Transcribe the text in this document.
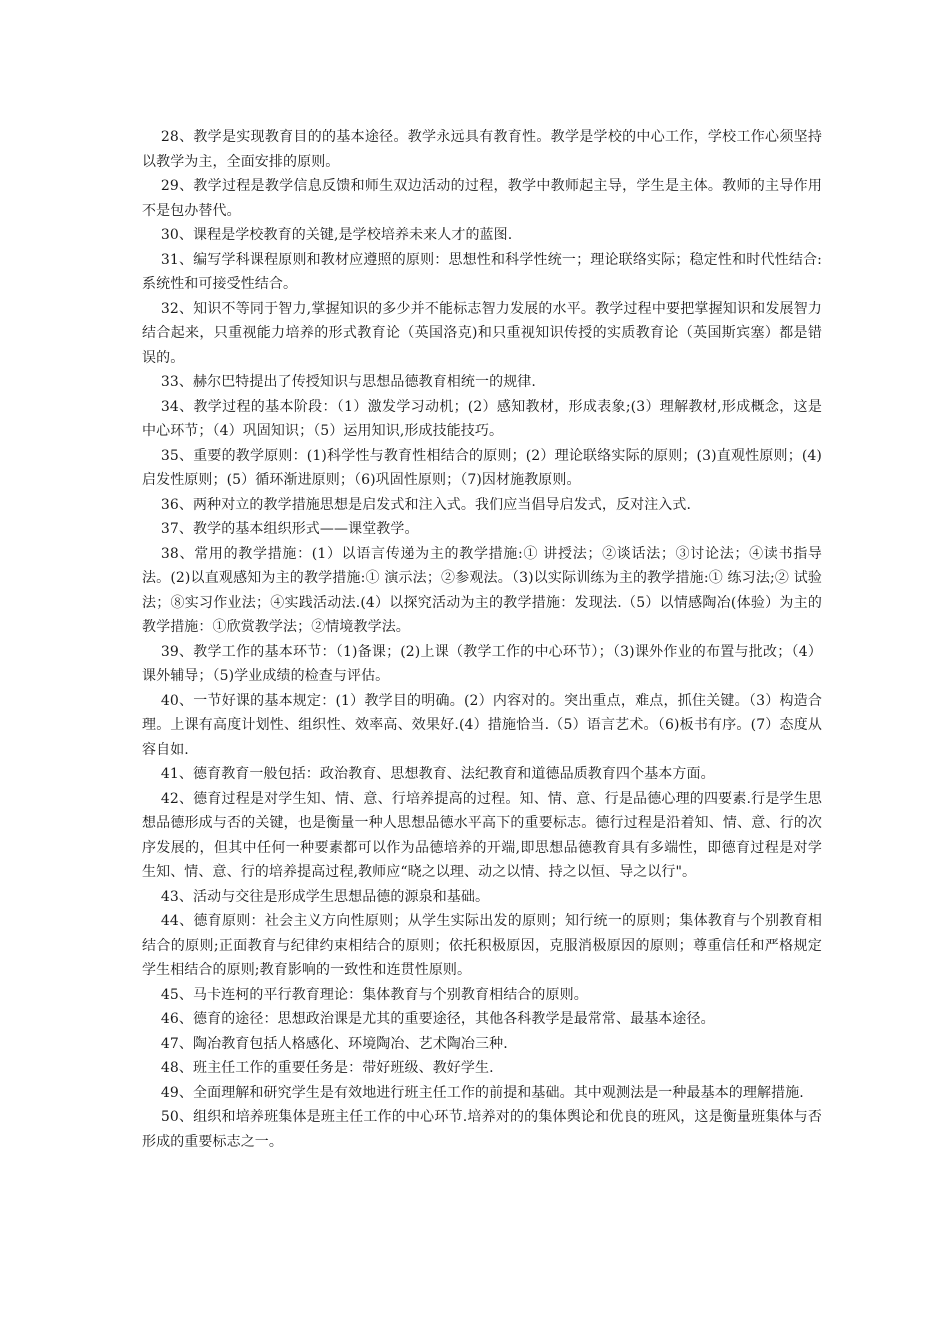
28、教学是实现教育目的的基本途径。教学永远具有教育性。教学是学校的中心工作，学校工作心须坚持以教学为主，全面安排的原则。

29、教学过程是教学信息反馈和师生双边活动的过程，教学中教师起主导，学生是主体。教师的主导作用不是包办替代。

30、课程是学校教育的关键,是学校培养未来人才的蓝图.

31、编写学科课程原则和教材应遵照的原则：思想性和科学性统一；理论联络实际；稳定性和时代性结合:系统性和可接受性结合。

32、知识不等同于智力,掌握知识的多少并不能标志智力发展的水平。教学过程中要把掌握知识和发展智力结合起来，只重视能力培养的形式教育论（英国洛克)和只重视知识传授的实质教育论（英国斯宾塞）都是错误的。

33、赫尔巴特提出了传授知识与思想品德教育相统一的规律.

34、教学过程的基本阶段：（1）激发学习动机；(2）感知教材，形成表象;(3）理解教材,形成概念，这是中心环节；（4）巩固知识；（5）运用知识,形成技能技巧。

35、重要的教学原则：(1)科学性与教育性相结合的原则；(2）理论联络实际的原则；(3)直观性原则；(4)启发性原则；(5）循环渐进原则；（6)巩固性原则；（7)因材施教原则。

36、两种对立的教学措施思想是启发式和注入式。我们应当倡导启发式，反对注入式.

37、教学的基本组织形式——课堂教学。

38、常用的教学措施：(1）以语言传递为主的教学措施:① 讲授法；②谈话法；③讨论法；④读书指导法。(2)以直观感知为主的教学措施:① 演示法；②参观法。（3)以实际训练为主的教学措施:① 练习法;② 试验法；⑧实习作业法；④实践活动法.(4）以探究活动为主的教学措施：发现法.（5）以情感陶冶(体验）为主的教学措施：①欣赏教学法；②情境教学法。

39、教学工作的基本环节：（1)备课；(2)上课（教学工作的中心环节）；（3)课外作业的布置与批改；（4）课外辅导；（5)学业成绩的检查与评估。

40、一节好课的基本规定：(1）教学目的明确。(2）内容对的。突出重点，难点，抓住关键。（3）构造合理。上课有高度计划性、组织性、效率高、效果好.(4）措施恰当.（5）语言艺术。（6)板书有序。(7）态度从容自如.

41、德育教育一般包括：政治教育、思想教育、法纪教育和道德品质教育四个基本方面。

42、德育过程是对学生知、情、意、行培养提高的过程。知、情、意、行是品德心理的四要素.行是学生思想品德形成与否的关键，也是衡量一种人思想品德水平高下的重要标志。德行过程是沿着知、情、意、行的次序发展的，但其中任何一种要素都可以作为品德培养的开端,即思想品德教育具有多端性，即德育过程是对学生知、情、意、行的培养提高过程,教师应“晓之以理、动之以情、持之以恒、导之以行"。

43、活动与交往是形成学生思想品德的源泉和基础。

44、德育原则：社会主义方向性原则；从学生实际出发的原则；知行统一的原则；集体教育与个别教育相结合的原则;正面教育与纪律约束相结合的原则；依托积极原因，克服消极原因的原则；尊重信任和严格规定学生相结合的原则;教育影响的一致性和连贯性原则。

45、马卡连柯的平行教育理论：集体教育与个别教育相结合的原则。

46、德育的途径：思想政治课是尤其的重要途径，其他各科教学是最常常、最基本途径。

47、陶冶教育包括人格感化、环境陶冶、艺术陶冶三种.

48、班主任工作的重要任务是：带好班级、教好学生.

49、全面理解和研究学生是有效地进行班主任工作的前提和基础。其中观测法是一种最基本的理解措施.

50、组织和培养班集体是班主任工作的中心环节.培养对的的集体舆论和优良的班风，这是衡量班集体与否形成的重要标志之一。
